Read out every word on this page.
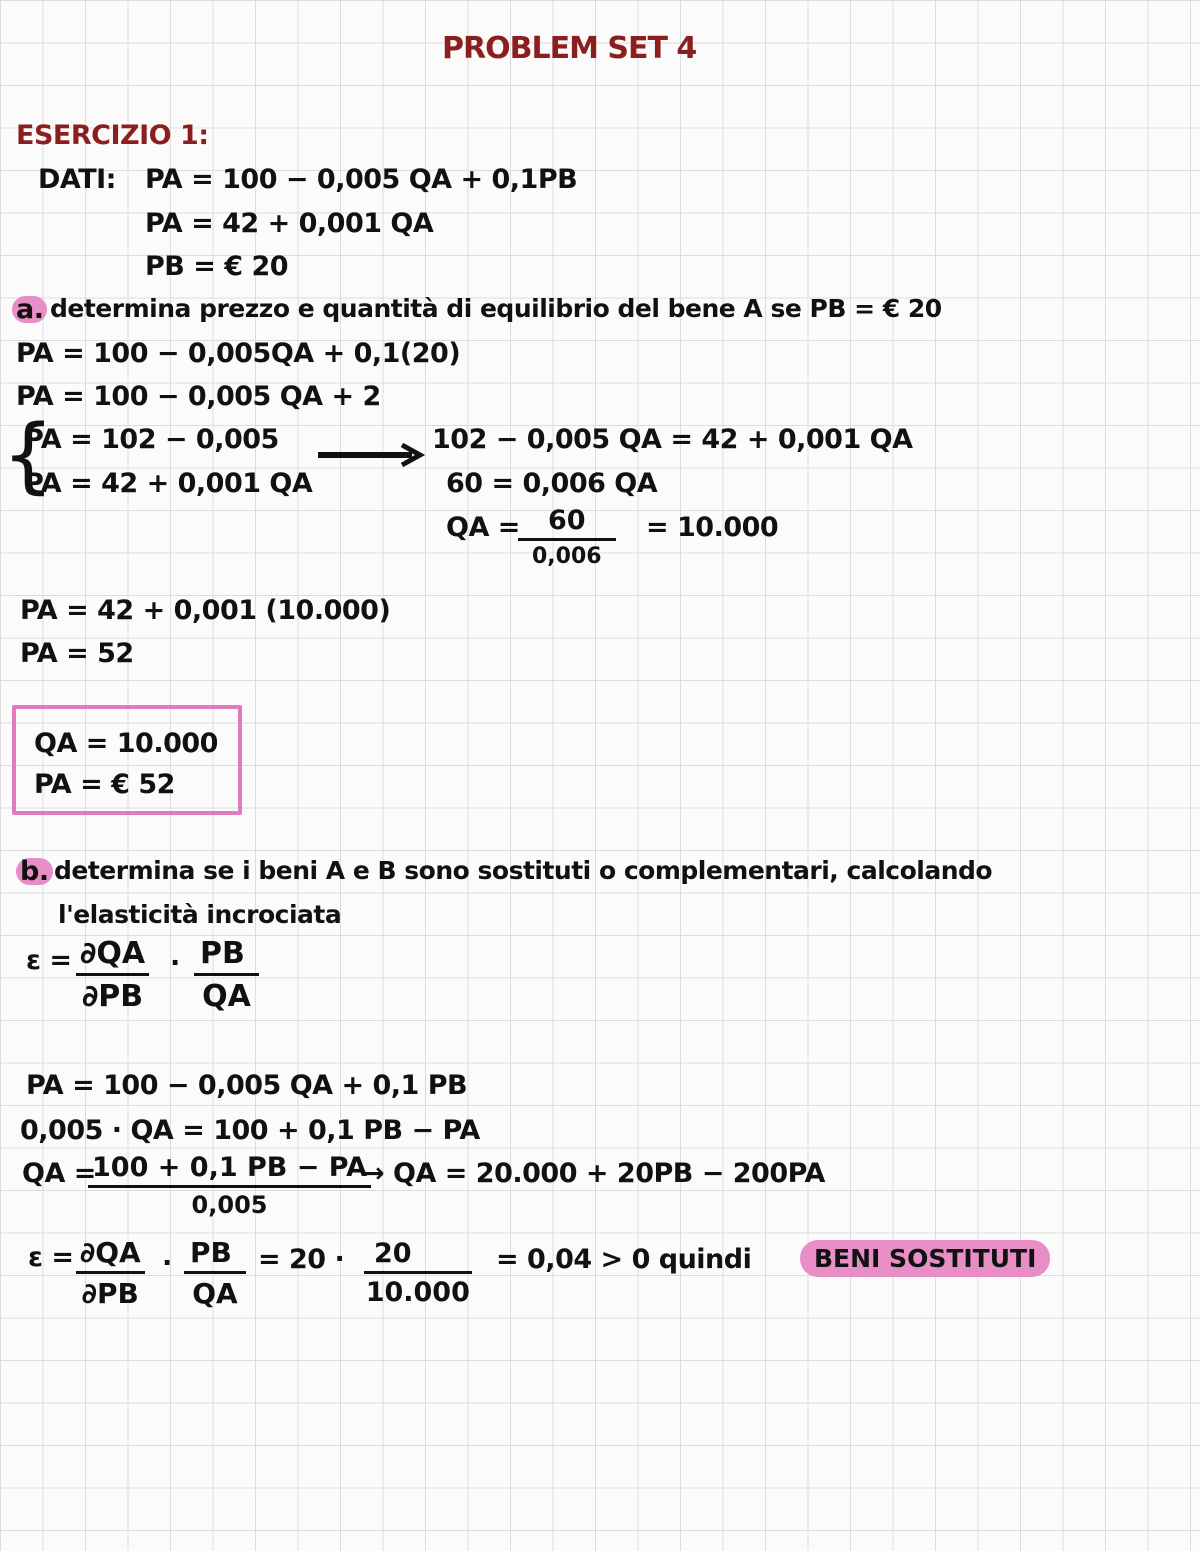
PROBLEM SET 4
ESERCIZIO 1:
DATI: PA = 100 − 0,005 QA + 0,1PB
PA = 42 + 0,001 QA
PB = € 20
a. determina prezzo e quantità di equilibrio del bene A se PB = € 20
PA = 100 − 0,005QA + 0,1(20)
PA = 100 − 0,005 QA + 2
{
PA = 102 − 0,005
PA = 42 + 0,001 QA
102 − 0,005 QA = 42 + 0,001 QA
60 = 0,006 QA
QA =	60
0,006
= 10.000
PA = 42 + 0,001 (10.000)
PA = 52
QA = 10.000
PA = € 52
b. determina se i beni A e B sono sostituti o complementari, calcolando
l'elasticità incrociata
$\varepsilon = \frac{\partial QA}{\partial PB} \cdot \frac{PB}{QA}$
PA = 100 − 0,005 QA + 0,1 PB
0,005 · QA = 100 + 0,1 PB − PA
QA =
$\frac{100 + 0,1 PB - PA}{0,005}$
→ QA = 20.000 + 20PB − 200PA
$\varepsilon = \frac{\partial QA}{\partial PB} \cdot \frac{PB}{QA} = 20 \cdot \frac{20}{10.000} = 0,04 > 0$ quindi	BENI SOSTITUTI
